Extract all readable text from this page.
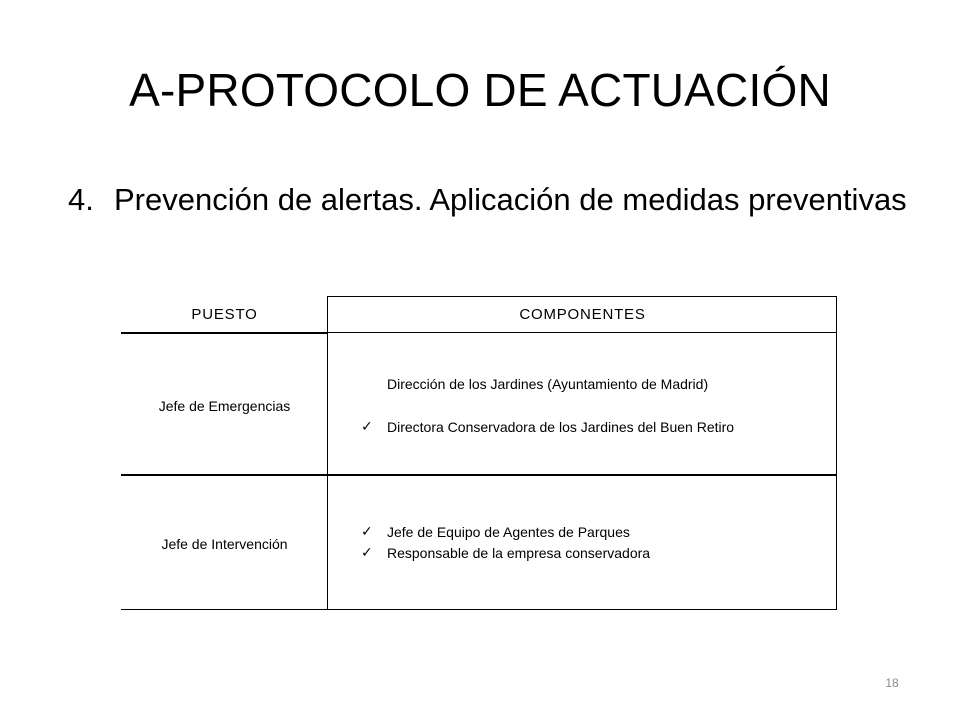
A-PROTOCOLO DE ACTUACIÓN
4. Prevención de alertas. Aplicación de medidas preventivas
PUESTO	COMPONENTES
Jefe de Emergencias
Dirección de los Jardines (Ayuntamiento de Madrid)
✓ Directora Conservadora de los Jardines del Buen Retiro
Jefe de Intervención
✓ Jefe de Equipo de Agentes de Parques
✓ Responsable de la empresa conservadora
18
